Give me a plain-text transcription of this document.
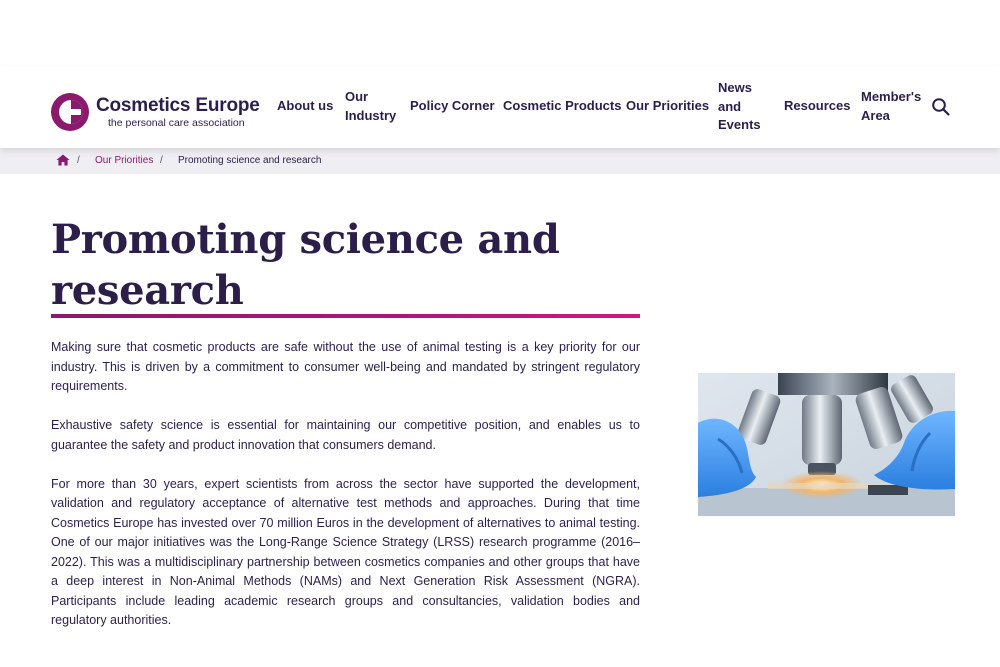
Cosmetics Europe
the personal care association
About us
Our
Industry
Policy Corner Cosmetic Products Our Priorities
News
and
Events
Resources
Member's
Area
/ Our Priorities / Promoting science and research
Promoting science and
research

Making sure that cosmetic products are safe without the use of animal testing is a key priority for our industry. This is driven by a commitment to consumer well-being and mandated by stringent regulatory requirements.

Exhaustive safety science is essential for maintaining our competitive position, and enables us to guarantee the safety and product innovation that consumers demand.

For more than 30 years, expert scientists from across the sector have supported the development, validation and regulatory acceptance of alternative test methods and approaches. During that time Cosmetics Europe has invested over 70 million Euros in the development of alternatives to animal testing. One of our major initiatives was the Long-Range Science Strategy (LRSS) research programme (2016–2022). This was a multidisciplinary partnership between cosmetics companies and other groups that have a deep interest in Non-Animal Methods (NAMs) and Next Generation Risk Assessment (NGRA). Participants include leading academic research groups and consultancies, validation bodies and regulatory authorities.
